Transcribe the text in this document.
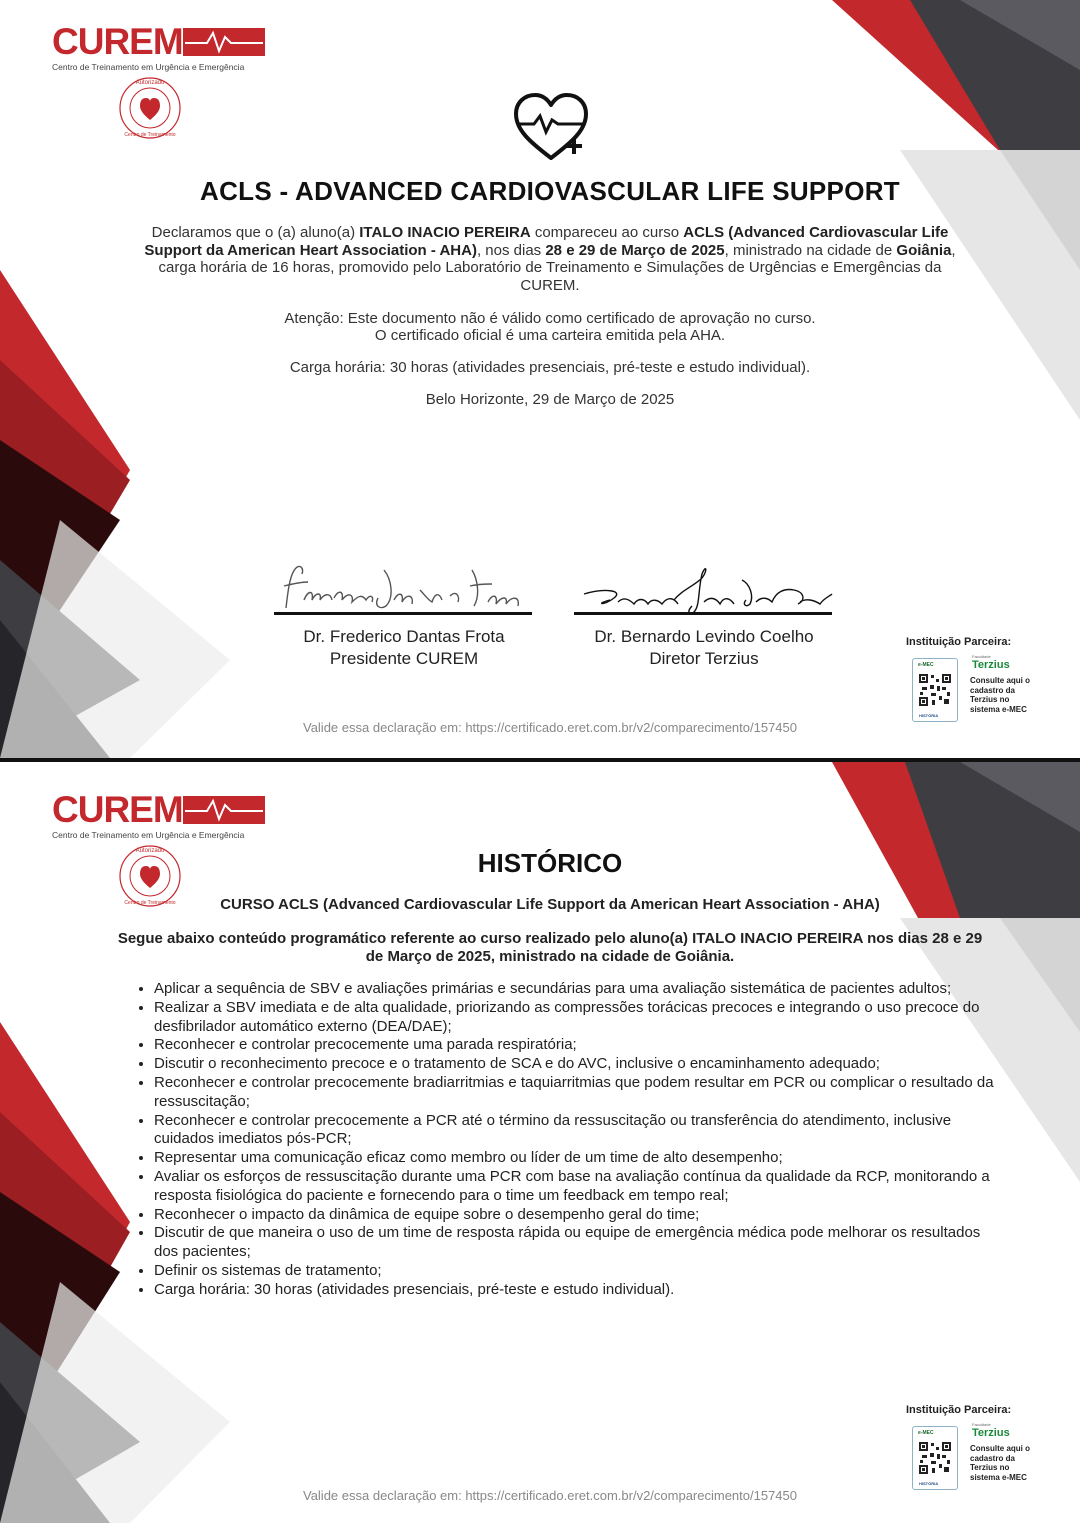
CUREM
Centro de Treinamento em Urgência e Emergência
Autorizado
Centro de Treinamento
ACLS - ADVANCED CARDIOVASCULAR LIFE SUPPORT
Declaramos que o (a) aluno(a) ITALO INACIO PEREIRA compareceu ao curso ACLS (Advanced Cardiovascular Life Support da American Heart Association - AHA), nos dias 28 e 29 de Março de 2025, ministrado na cidade de Goiânia, carga horária de 16 horas, promovido pelo Laboratório de Treinamento e Simulações de Urgências e Emergências da CUREM.
Atenção: Este documento não é válido como certificado de aprovação no curso.
O certificado oficial é uma carteira emitida pela AHA.
Carga horária: 30 horas (atividades presenciais, pré-teste e estudo individual).
Belo Horizonte, 29 de Março de 2025
Dr. Frederico Dantas Frota
Presidente CUREM
Dr. Bernardo Levindo Coelho
Diretor Terzius
Instituição Parceira:
e-MEC
HISTÓRIA
Faculdade
Terzius
Consulte aqui o cadastro da Terzius no sistema e-MEC
Valide essa declaração em: https://certificado.eret.com.br/v2/comparecimento/157450
CUREM
Centro de Treinamento em Urgência e Emergência
Autorizado
Centro de Treinamento
HISTÓRICO
CURSO ACLS (Advanced Cardiovascular Life Support da American Heart Association - AHA)
Segue abaixo conteúdo programático referente ao curso realizado pelo aluno(a) ITALO INACIO PEREIRA nos dias 28 e 29 de Março de 2025, ministrado na cidade de Goiânia.
• Aplicar a sequência de SBV e avaliações primárias e secundárias para uma avaliação sistemática de pacientes adultos;
• Realizar a SBV imediata e de alta qualidade, priorizando as compressões torácicas precoces e integrando o uso precoce do desfibrilador automático externo (DEA/DAE);
• Reconhecer e controlar precocemente uma parada respiratória;
• Discutir o reconhecimento precoce e o tratamento de SCA e do AVC, inclusive o encaminhamento adequado;
• Reconhecer e controlar precocemente bradiarritmias e taquiarritmias que podem resultar em PCR ou complicar o resultado da ressuscitação;
• Reconhecer e controlar precocemente a PCR até o término da ressuscitação ou transferência do atendimento, inclusive cuidados imediatos pós-PCR;
• Representar uma comunicação eficaz como membro ou líder de um time de alto desempenho;
• Avaliar os esforços de ressuscitação durante uma PCR com base na avaliação contínua da qualidade da RCP, monitorando a resposta fisiológica do paciente e fornecendo para o time um feedback em tempo real;
• Reconhecer o impacto da dinâmica de equipe sobre o desempenho geral do time;
• Discutir de que maneira o uso de um time de resposta rápida ou equipe de emergência médica pode melhorar os resultados dos pacientes;
• Definir os sistemas de tratamento;
• Carga horária: 30 horas (atividades presenciais, pré-teste e estudo individual).
Instituição Parceira:
e-MEC
HISTÓRIA
Faculdade
Terzius
Consulte aqui o cadastro da Terzius no sistema e-MEC
Valide essa declaração em: https://certificado.eret.com.br/v2/comparecimento/157450
